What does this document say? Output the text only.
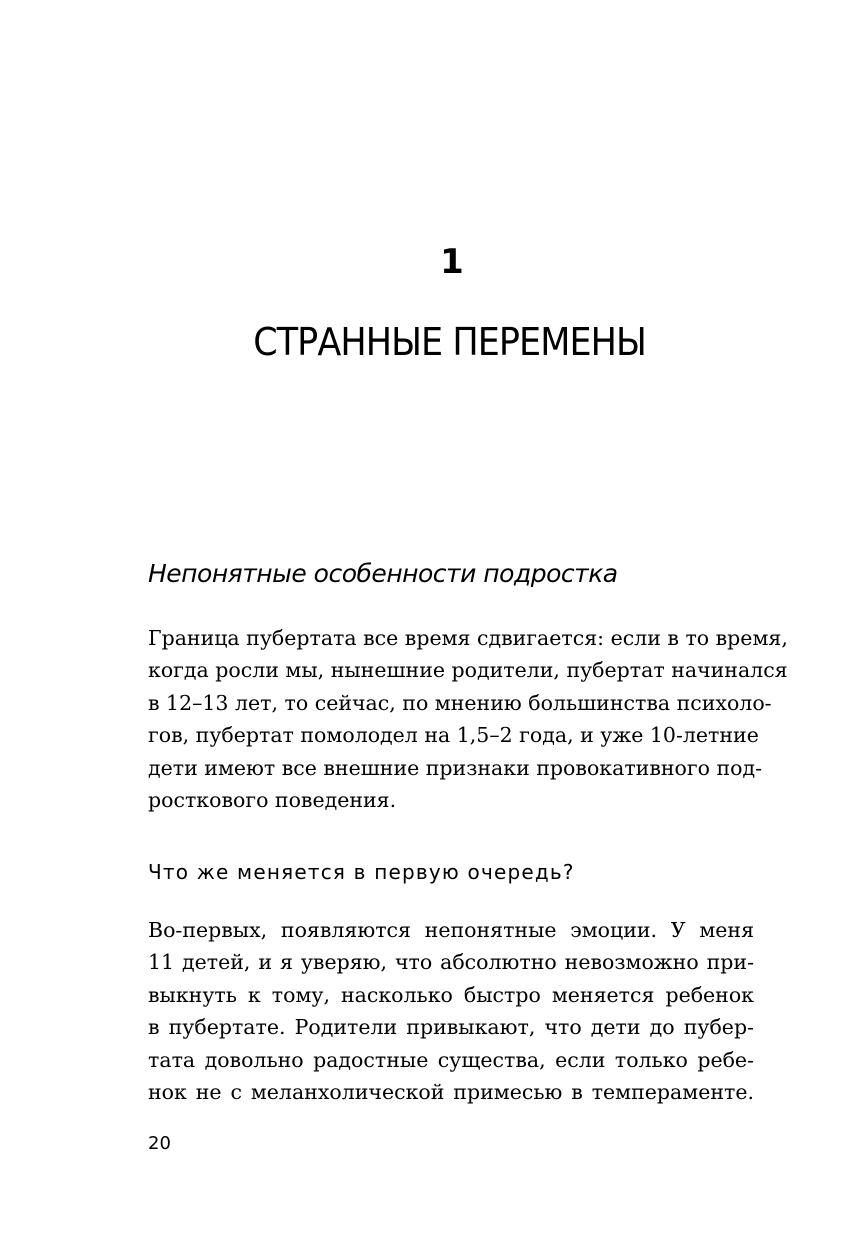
1
СТРАННЫЕ ПЕРЕМЕНЫ
Непонятные особенности подростка
Граница пубертата все время сдвигается: если в то время,
когда росли мы, нынешние родители, пубертат начинался
в 12–13 лет, то сейчас, по мнению большинства психоло-
гов, пубертат помолодел на 1,5–2 года, и уже 10-летние
дети имеют все внешние признаки провокативного под-
росткового поведения.
Что же меняется в первую очередь?
Во-первых, появляются непонятные эмоции. У меня
11 детей, и я уверяю, что абсолютно невозможно при-
выкнуть к тому, насколько быстро меняется ребенок
в пубертате. Родители привыкают, что дети до пубер-
тата довольно радостные существа, если только ребе-
нок не с меланхолической примесью в темпераменте.
20
